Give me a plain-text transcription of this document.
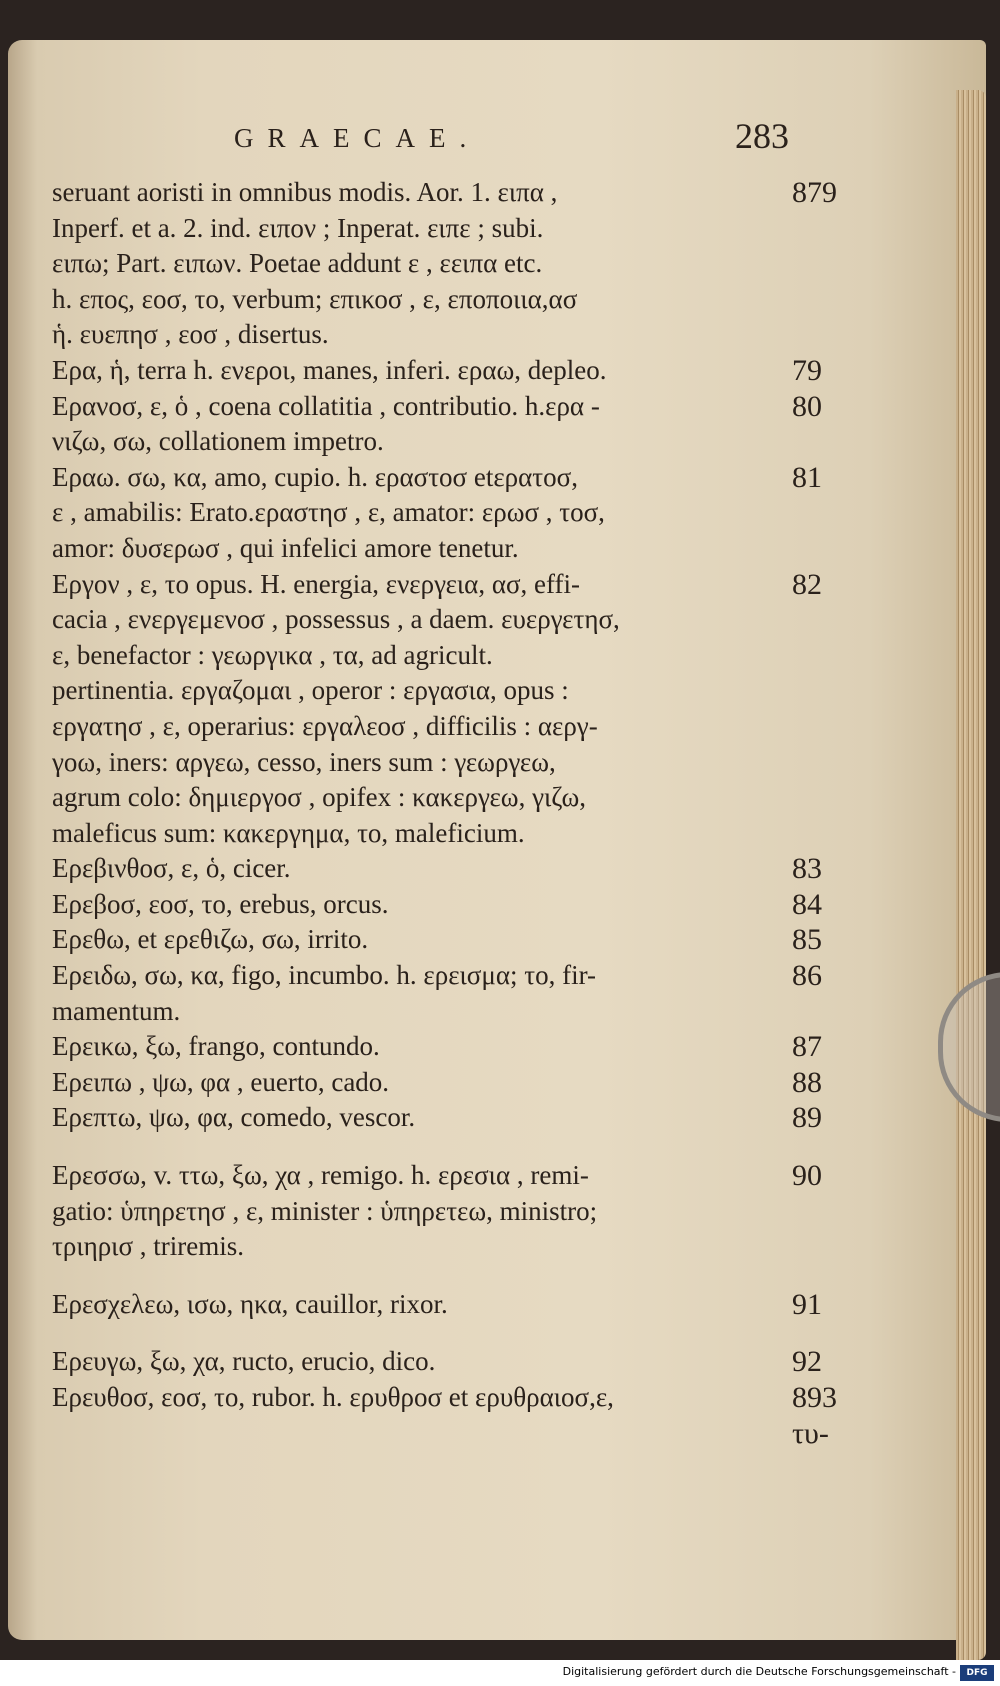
GRAECAE.	283
seruant aoristi in omnibus modis. Aor. 1. ειπα ,	879
Inperf. et a. 2. ind. ειπον ; Inperat. ειπε ; subi.
ειπω; Part. ειπων. Poetae addunt ε , εειπα etc.
h. επος, εοσ, το, verbum; επικοσ , ε, εποποιια,ασ
ἡ. ευεπησ , εοσ , disertus.
Ερα, ἡ, terra h. ενεροι, manes, inferi. εραω, depleo.	79
Ερανοσ, ε, ὁ , coena collatitia , contributio. h.ερα -	80
νιζω, σω, collationem impetro.
Εραω. σω, κα, amo, cupio. h. εραστοσ etερατοσ,	81
ε , amabilis: Erato.εραστησ , ε, amator: ερωσ , τοσ,
amor: δυσερωσ , qui infelici amore tenetur.
Εργον , ε, το opus. H. energia, ενεργεια, ασ, effi-	82
cacia , ενεργεμενοσ , possessus , a daem. ευεργετησ,
ε, benefactor : γεωργικα , τα, ad agricult.
pertinentia. εργαζομαι , operor : εργασια, opus :
εργατησ , ε, operarius: εργαλεοσ , difficilis : αεργ-
γοω, iners: αργεω, cesso, iners sum : γεωργεω,
agrum colo: δημιεργοσ , opifex : κακεργεω, γιζω,
maleficus sum: κακεργημα, το, maleficium.
Ερεβινθοσ, ε, ὁ, cicer.	83
Ερεβοσ, εοσ, το, erebus, orcus.	84
Ερεθω, et ερεθιζω, σω, irrito.	85
Ερειδω, σω, κα, figo, incumbo. h. ερεισμα; το, fir-	86
mamentum.
Ερεικω, ξω, frango, contundo.	87
Ερειπω , ψω, φα , euerto, cado.	88
Ερεπτω, ψω, φα, comedo, vescor.	89
Ερεσσω, v. ττω, ξω, χα , remigo. h. ερεσια , remi-	90
gatio: ὑπηρετησ , ε, minister : ὑπηρετεω, ministro;
τριηρισ , triremis.
Ερεσχελεω, ισω, ηκα, cauillor, rixor.	91
Ερευγω, ξω, χα, ructo, erucio, dico.	92
Ερευθοσ, εοσ, το, rubor. h. ερυθροσ et ερυθραιοσ,ε,	893
τυ-
Digitalisierung gefördert durch die Deutsche Forschungsgemeinschaft -	DFG
